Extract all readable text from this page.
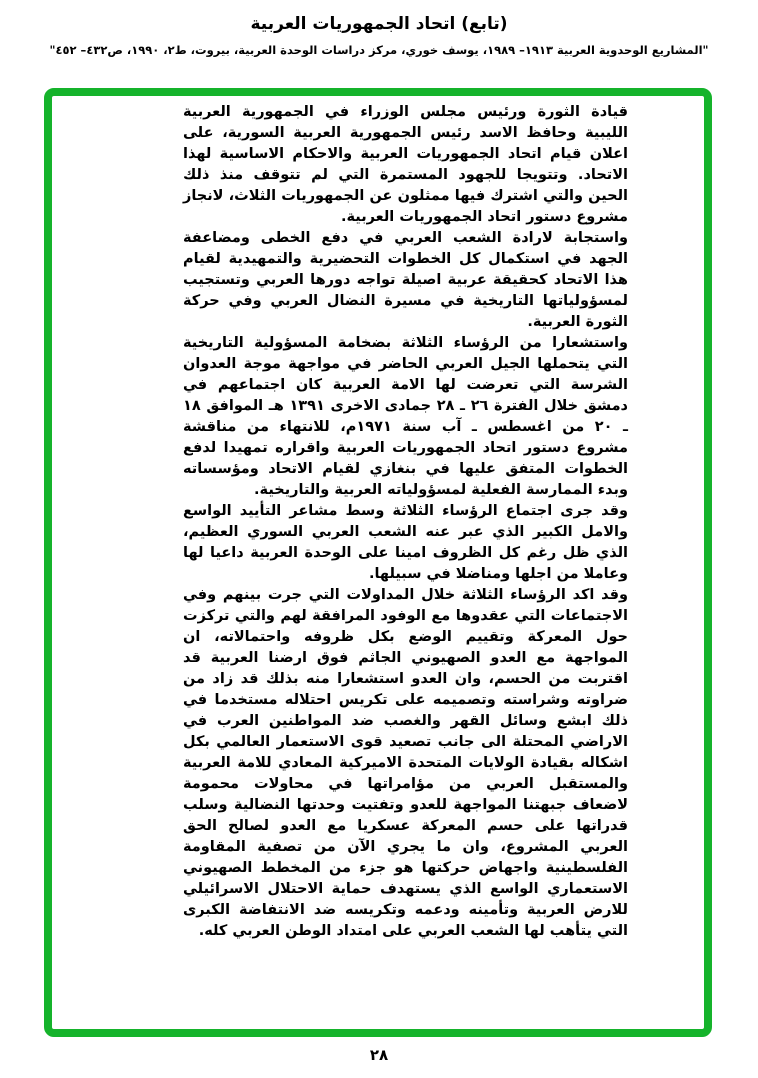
(تابع) اتحاد الجمهوريات العربية
"المشاريع الوحدوية العربية ١٩١٣– ١٩٨٩، يوسف خوري، مركز دراسات الوحدة العربية، بيروت، ط٢، ١٩٩٠، ص٤٣٢– ٤٥٢"

قيادة الثورة ورئيس مجلس الوزراء في الجمهورية العربية الليبية وحافظ الاسد رئيس الجمهورية العربية السورية، على اعلان قيام اتحاد الجمهوريات العربية والاحكام الاساسية لهذا الاتحاد. وتتويجا للجهود المستمرة التي لم تتوقف منذ ذلك الحين والتي اشترك فيها ممثلون عن الجمهوريات الثلاث، لانجاز مشروع دستور اتحاد الجمهوريات العربية.

واستجابة لارادة الشعب العربي في دفع الخطى ومضاعفة الجهد في استكمال كل الخطوات التحضيرية والتمهيدية لقيام هذا الاتحاد كحقيقة عربية اصيلة تواجه دورها العربي وتستجيب لمسؤولياتها التاريخية في مسيرة النضال العربي وفي حركة الثورة العربية.

واستشعارا من الرؤساء الثلاثة بضخامة المسؤولية التاريخية التي يتحملها الجيل العربي الحاضر في مواجهة موجة العدوان الشرسة التي تعرضت لها الامة العربية كان اجتماعهم في دمشق خلال الفترة ٢٦ ـ ٢٨ جمادى الاخرى ١٣٩١ هـ الموافق ١٨ ـ ٢٠ من اغسطس ـ آب سنة ١٩٧١م، للانتهاء من مناقشة مشروع دستور اتحاد الجمهوريات العربية واقراره تمهيدا لدفع الخطوات المتفق عليها في بنغازي لقيام الاتحاد ومؤسساته وبدء الممارسة الفعلية لمسؤولياته العربية والتاريخية.

وقد جرى اجتماع الرؤساء الثلاثة وسط مشاعر التأييد الواسع والامل الكبير الذي عبر عنه الشعب العربي السوري العظيم، الذي ظل رغم كل الظروف امينا على الوحدة العربية داعيا لها وعاملا من اجلها ومناضلا في سبيلها.

وقد اكد الرؤساء الثلاثة خلال المداولات التي جرت بينهم وفي الاجتماعات التي عقدوها مع الوفود المرافقة لهم والتي تركزت حول المعركة وتقييم الوضع بكل ظروفه واحتمالاته، ان المواجهة مع العدو الصهيوني الجاثم فوق ارضنا العربية قد اقتربت من الحسم، وان العدو استشعارا منه بذلك قد زاد من ضراوته وشراسته وتصميمه على تكريس احتلاله مستخدما في ذلك ابشع وسائل القهر والغصب ضد المواطنين العرب في الاراضي المحتلة الى جانب تصعيد قوى الاستعمار العالمي بكل اشكاله بقيادة الولايات المتحدة الاميركية المعادي للامة العربية والمستقبل العربي من مؤامراتها في محاولات محمومة لاضعاف جبهتنا المواجهة للعدو وتفتيت وحدتها النضالية وسلب قدراتها على حسم المعركة عسكريا مع العدو لصالح الحق العربي المشروع، وان ما يجري الآن من تصفية المقاومة الفلسطينية واجهاض حركتها هو جزء من المخطط الصهيوني الاستعماري الواسع الذي يستهدف حماية الاحتلال الاسرائيلي للارض العربية وتأمينه ودعمه وتكريسه ضد الانتفاضة الكبرى التي يتأهب لها الشعب العربي على امتداد الوطن العربي كله.

٢٨
